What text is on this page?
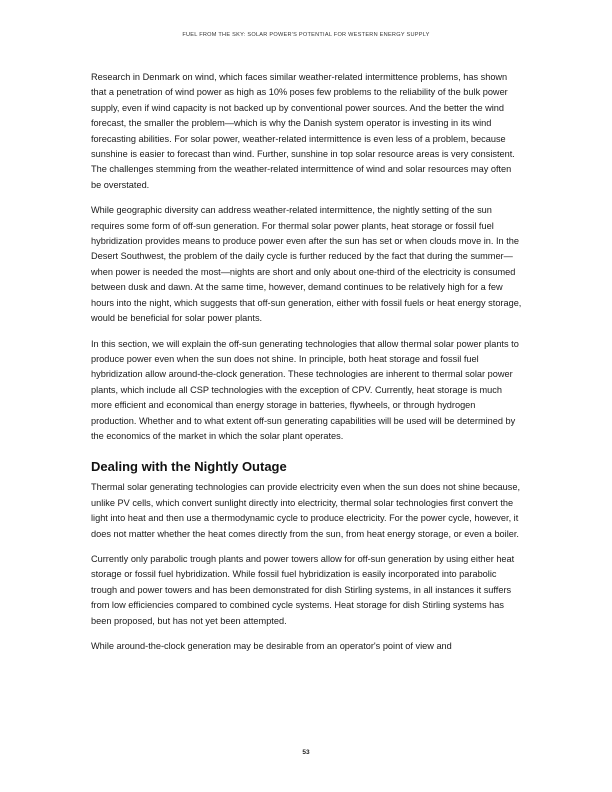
FUEL FROM THE SKY: SOLAR POWER'S POTENTIAL FOR WESTERN ENERGY SUPPLY

Research in Denmark on wind, which faces similar weather-related intermittence problems, has shown that a penetration of wind power as high as 10% poses few problems to the reliability of the bulk power supply, even if wind capacity is not backed up by conventional power sources. And the better the wind forecast, the smaller the problem—which is why the Danish system operator is investing in its wind forecasting abilities. For solar power, weather-related intermittence is even less of a problem, because sunshine is easier to forecast than wind. Further, sunshine in top solar resource areas is very consistent. The challenges stemming from the weather-related intermittence of wind and solar resources may often be overstated.

While geographic diversity can address weather-related intermittence, the nightly setting of the sun requires some form of off-sun generation. For thermal solar power plants, heat storage or fossil fuel hybridization provides means to produce power even after the sun has set or when clouds move in. In the Desert Southwest, the problem of the daily cycle is further reduced by the fact that during the summer—when power is needed the most—nights are short and only about one-third of the electricity is consumed between dusk and dawn. At the same time, however, demand continues to be relatively high for a few hours into the night, which suggests that off-sun generation, either with fossil fuels or heat energy storage, would be beneficial for solar power plants.

In this section, we will explain the off-sun generating technologies that allow thermal solar power plants to produce power even when the sun does not shine. In principle, both heat storage and fossil fuel hybridization allow around-the-clock generation. These technologies are inherent to thermal solar power plants, which include all CSP technologies with the exception of CPV. Currently, heat storage is much more efficient and economical than energy storage in batteries, flywheels, or through hydrogen production. Whether and to what extent off-sun generating capabilities will be used will be determined by the economics of the market in which the solar plant operates.

Dealing with the Nightly Outage

Thermal solar generating technologies can provide electricity even when the sun does not shine because, unlike PV cells, which convert sunlight directly into electricity, thermal solar technologies first convert the light into heat and then use a thermodynamic cycle to produce electricity. For the power cycle, however, it does not matter whether the heat comes directly from the sun, from heat energy storage, or even a boiler.

Currently only parabolic trough plants and power towers allow for off-sun generation by using either heat storage or fossil fuel hybridization. While fossil fuel hybridization is easily incorporated into parabolic trough and power towers and has been demonstrated for dish Stirling systems, in all instances it suffers from low efficiencies compared to combined cycle systems. Heat storage for dish Stirling systems has been proposed, but has not yet been attempted.

While around-the-clock generation may be desirable from an operator's point of view and

53
